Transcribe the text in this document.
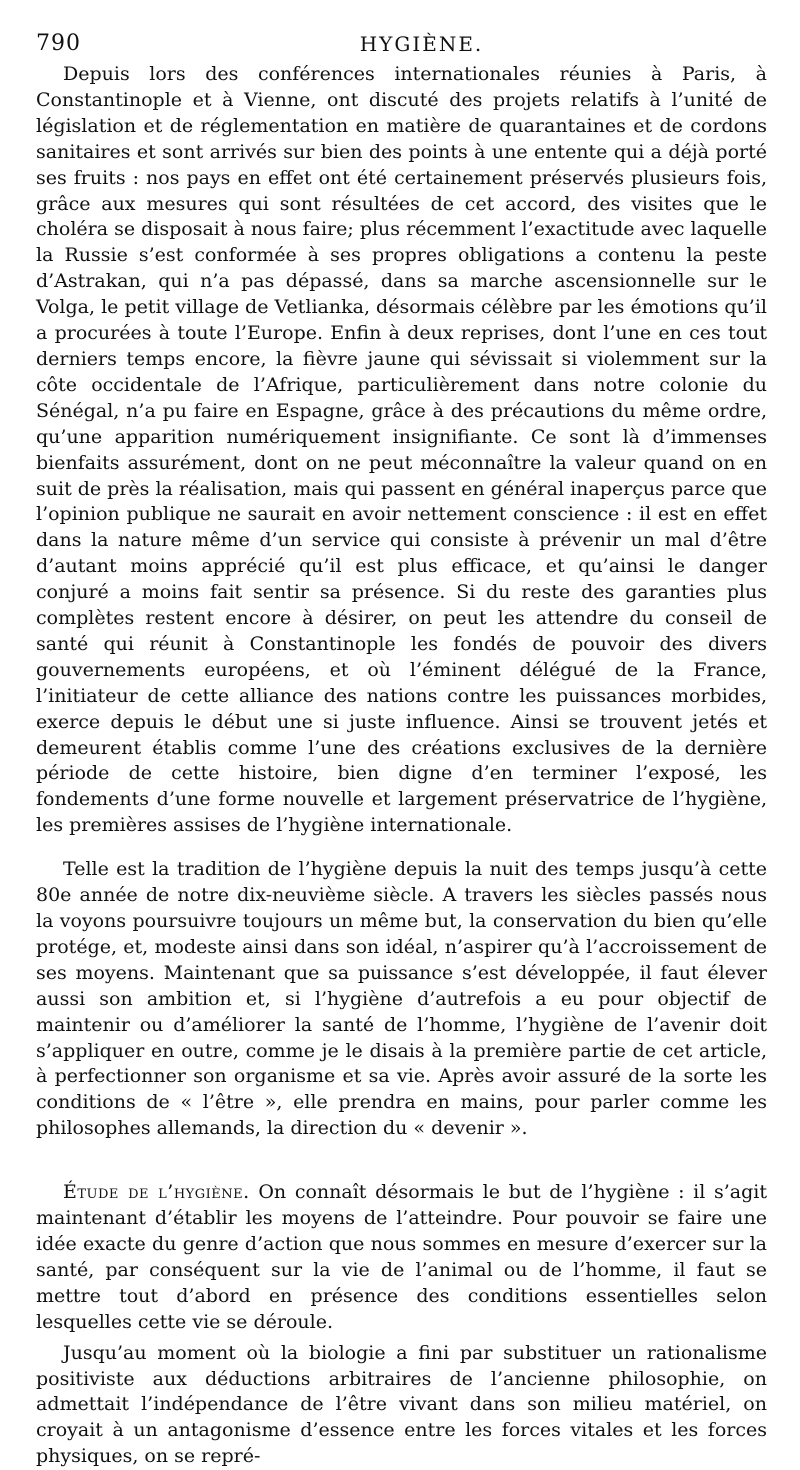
790	HYGIÈNE.

Depuis lors des conférences internationales réunies à Paris, à Constantinople et à Vienne, ont discuté des projets relatifs à l’unité de législation et de réglementation en matière de quarantaines et de cordons sanitaires et sont arrivés sur bien des points à une entente qui a déjà porté ses fruits : nos pays en effet ont été certainement préservés plusieurs fois, grâce aux mesures qui sont résultées de cet accord, des visites que le choléra se disposait à nous faire; plus récemment l’exactitude avec laquelle la Russie s’est conformée à ses propres obligations a contenu la peste d’Astrakan, qui n’a pas dépassé, dans sa marche ascensionnelle sur le Volga, le petit village de Vetlianka, désormais célèbre par les émotions qu’il a procurées à toute l’Europe. Enfin à deux reprises, dont l’une en ces tout derniers temps encore, la fièvre jaune qui sévissait si violemment sur la côte occidentale de l’Afrique, particulièrement dans notre colonie du Sénégal, n’a pu faire en Espagne, grâce à des précautions du même ordre, qu’une apparition numériquement insignifiante. Ce sont là d’immenses bienfaits assurément, dont on ne peut méconnaître la valeur quand on en suit de près la réalisation, mais qui passent en général inaperçus parce que l’opinion publique ne saurait en avoir nettement conscience : il est en effet dans la nature même d’un service qui consiste à prévenir un mal d’être d’autant moins apprécié qu’il est plus efficace, et qu’ainsi le danger conjuré a moins fait sentir sa présence. Si du reste des garanties plus complètes restent encore à désirer, on peut les attendre du conseil de santé qui réunit à Constantinople les fondés de pouvoir des divers gouvernements européens, et où l’éminent délégué de la France, l’initiateur de cette alliance des nations contre les puissances morbides, exerce depuis le début une si juste influence. Ainsi se trouvent jetés et demeurent établis comme l’une des créations exclusives de la dernière période de cette histoire, bien digne d’en terminer l’exposé, les fondements d’une forme nouvelle et largement préservatrice de l’hygiène, les premières assises de l’hygiène internationale.

Telle est la tradition de l’hygiène depuis la nuit des temps jusqu’à cette 80e année de notre dix-neuvième siècle. A travers les siècles passés nous la voyons poursuivre toujours un même but, la conservation du bien qu’elle protége, et, modeste ainsi dans son idéal, n’aspirer qu’à l’accroissement de ses moyens. Maintenant que sa puissance s’est développée, il faut élever aussi son ambition et, si l’hygiène d’autrefois a eu pour objectif de maintenir ou d’améliorer la santé de l’homme, l’hygiène de l’avenir doit s’appliquer en outre, comme je le disais à la première partie de cet article, à perfectionner son organisme et sa vie. Après avoir assuré de la sorte les conditions de « l’être », elle prendra en mains, pour parler comme les philosophes allemands, la direction du « devenir ».

Étude de l’hygiène. On connaît désormais le but de l’hygiène : il s’agit maintenant d’établir les moyens de l’atteindre. Pour pouvoir se faire une idée exacte du genre d’action que nous sommes en mesure d’exercer sur la santé, par conséquent sur la vie de l’animal ou de l’homme, il faut se mettre tout d’abord en présence des conditions essentielles selon lesquelles cette vie se déroule.

Jusqu’au moment où la biologie a fini par substituer un rationalisme positiviste aux déductions arbitraires de l’ancienne philosophie, on admettait l’indépendance de l’être vivant dans son milieu matériel, on croyait à un antagonisme d’essence entre les forces vitales et les forces physiques, on se repré-
